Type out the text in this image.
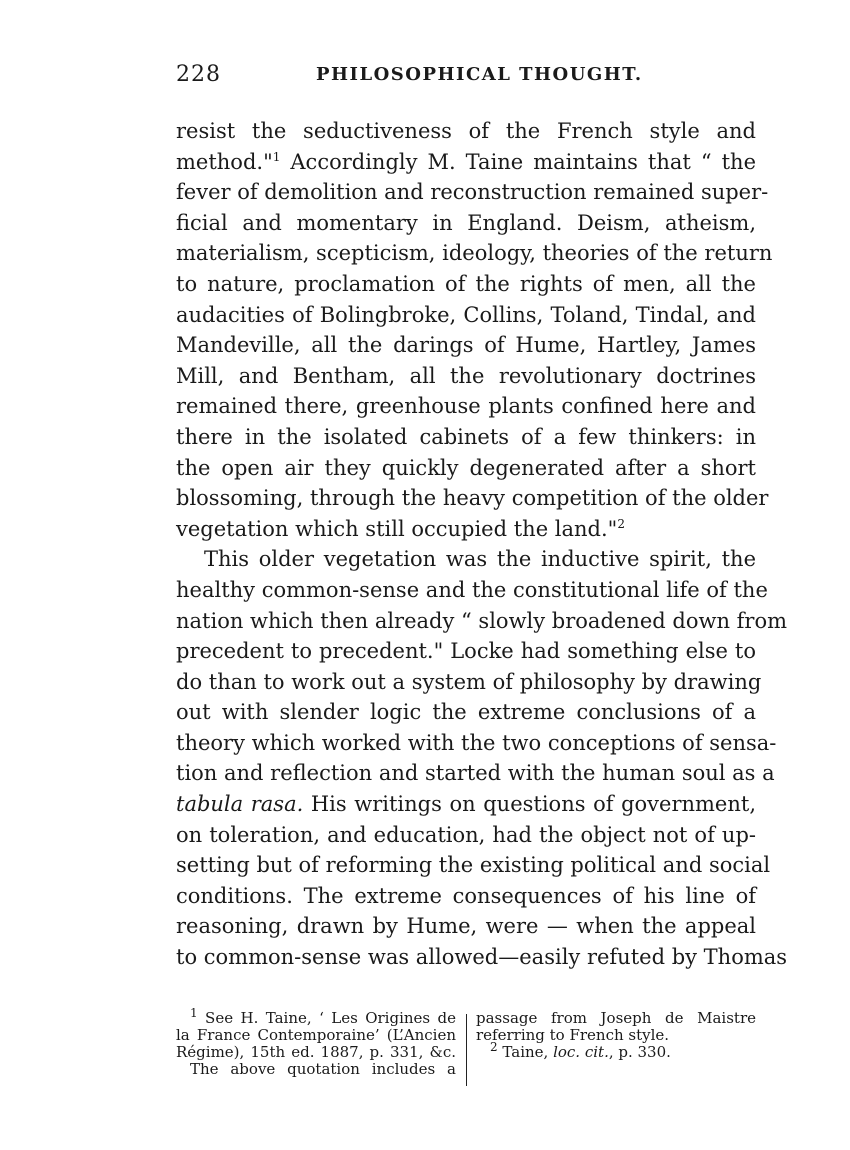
228	PHILOSOPHICAL THOUGHT.
resist the seductiveness of the French style and
method."$^1$ Accordingly M. Taine maintains that “ the
fever of demolition and reconstruction remained super-
ficial and momentary in England. Deism, atheism,
materialism, scepticism, ideology, theories of the return
to nature, proclamation of the rights of men, all the
audacities of Bolingbroke, Collins, Toland, Tindal, and
Mandeville, all the darings of Hume, Hartley, James
Mill, and Bentham, all the revolutionary doctrines
remained there, greenhouse plants confined here and
there in the isolated cabinets of a few thinkers: in
the open air they quickly degenerated after a short
blossoming, through the heavy competition of the older
vegetation which still occupied the land."$^2$
This older vegetation was the inductive spirit, the
healthy common-sense and the constitutional life of the
nation which then already “ slowly broadened down from
precedent to precedent." Locke had something else to
do than to work out a system of philosophy by drawing
out with slender logic the extreme conclusions of a
theory which worked with the two conceptions of sensa-
tion and reflection and started with the human soul as a
tabula rasa. His writings on questions of government,
on toleration, and education, had the object not of up-
setting but of reforming the existing political and social
conditions. The extreme consequences of his line of
reasoning, drawn by Hume, were — when the appeal
to common-sense was allowed—easily refuted by Thomas
$^1$ See H. Taine, ‘ Les Origines de
la France Contemporaine’ (L’Ancien
Régime), 15th ed. 1887, p. 331, &c.
The above quotation includes a
passage from Joseph de Maistre
referring to French style.
$^2$ Taine, loc. cit., p. 330.
